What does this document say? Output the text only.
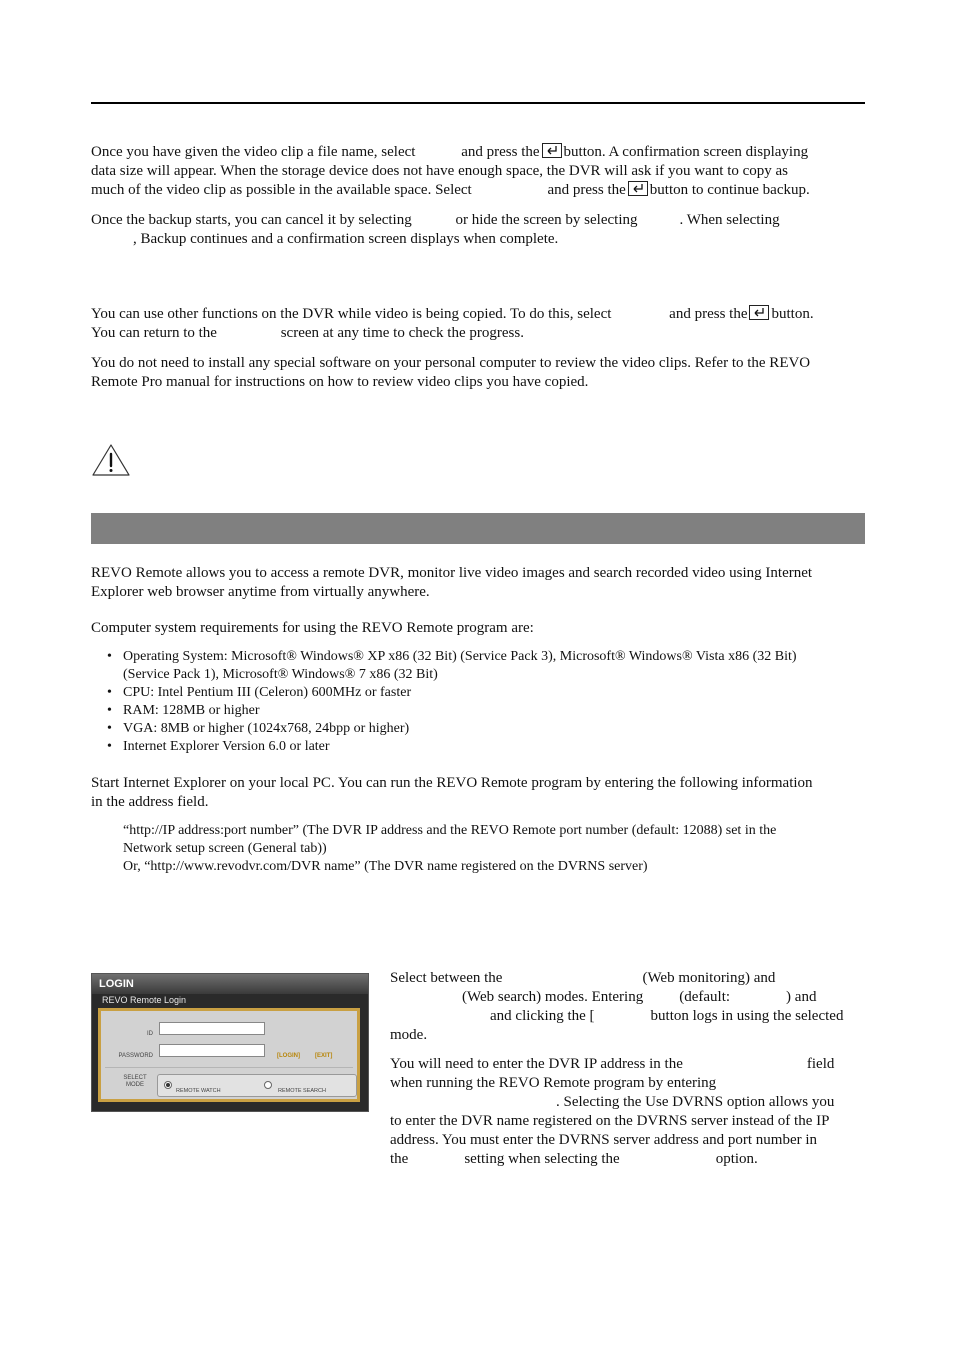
Once you have given the video clip a file name, select	and press the button. A confirmation screen displaying
data size will appear. When the storage device does not have enough space, the DVR will ask if you want to copy as
much of the video clip as possible in the available space. Select	and press the button to continue backup.
Once the backup starts, you can cancel it by selecting	or hide the screen by selecting	. When selecting
, Backup continues and a confirmation screen displays when complete.
You can use other functions on the DVR while video is being copied. To do this, select	and press the button.
You can return to the	screen at any time to check the progress.
You do not need to install any special software on your personal computer to review the video clips. Refer to the REVO
Remote Pro manual for instructions on how to review video clips you have copied.
REVO Remote allows you to access a remote DVR, monitor live video images and search recorded video using Internet
Explorer web browser anytime from virtually anywhere.
Computer system requirements for using the REVO Remote program are:
• Operating System: Microsoft® Windows® XP x86 (32 Bit) (Service Pack 3), Microsoft® Windows® Vista x86 (32 Bit)
(Service Pack 1), Microsoft® Windows® 7 x86 (32 Bit)
• CPU: Intel Pentium III (Celeron) 600MHz or faster
• RAM: 128MB or higher
• VGA: 8MB or higher (1024x768, 24bpp or higher)
• Internet Explorer Version 6.0 or later
Start Internet Explorer on your local PC. You can run the REVO Remote program by entering the following information
in the address field.
“http://IP address:port number” (The DVR IP address and the REVO Remote port number (default: 12088) set in the
Network setup screen (General tab))
Or, “http://www.revodvr.com/DVR name” (The DVR name registered on the DVRNS server)
LOGIN
REVO Remote Login
ID
PASSWORD	[LOGIN]	[EXIT]
SELECT
MODE
REMOTE WATCH	REMOTE SEARCH
Select between the	(Web monitoring) and
(Web search) modes. Entering (default:	) and
and clicking the [	button logs in using the selected
mode.
You will need to enter the DVR IP address in the	field
when running the REVO Remote program by entering
. Selecting the Use DVRNS option allows you
to enter the DVR name registered on the DVRNS server instead of the IP
address. You must enter the DVRNS server address and port number in
the	setting when selecting the	option.
